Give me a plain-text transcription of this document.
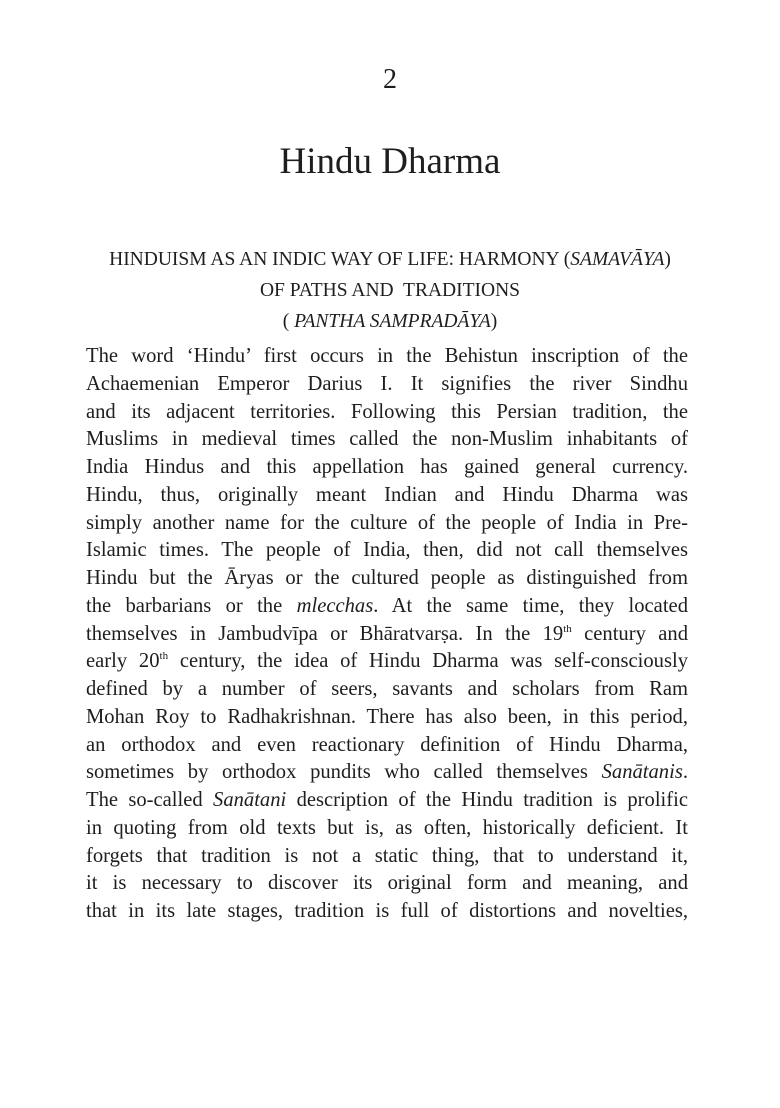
2
Hindu Dharma
HINDUISM AS AN INDIC WAY OF LIFE: HARMONY (SAMAVĀYA)
OF PATHS AND  TRADITIONS
( PANTHA SAMPRADĀYA)
The word ‘Hindu’ first occurs in the Behistun inscription of the
Achaemenian Emperor Darius I. It signifies the river Sindhu
and its adjacent territories. Following this Persian tradition, the
Muslims in medieval times called the non-Muslim inhabitants of
India Hindus and this appellation has gained general currency.
Hindu, thus, originally meant Indian and Hindu Dharma was
simply another name for the culture of the people of India in Pre-
Islamic times. The people of India, then, did not call themselves
Hindu but the Āryas or the cultured people as distinguished from
the barbarians or the mlecchas. At the same time, they located
themselves in Jambudvīpa or Bhāratvarṣa. In the 19th century and
early 20th century, the idea of Hindu Dharma was self-consciously
defined by a number of seers, savants and scholars from Ram
Mohan Roy to Radhakrishnan. There has also been, in this period,
an orthodox and even reactionary definition of Hindu Dharma,
sometimes by orthodox pundits who called themselves Sanātanis.
The so-called Sanātani description of the Hindu tradition is prolific
in quoting from old texts but is, as often, historically deficient. It
forgets that tradition is not a static thing, that to understand it,
it is necessary to discover its original form and meaning, and
that in its late stages, tradition is full of distortions and novelties,
